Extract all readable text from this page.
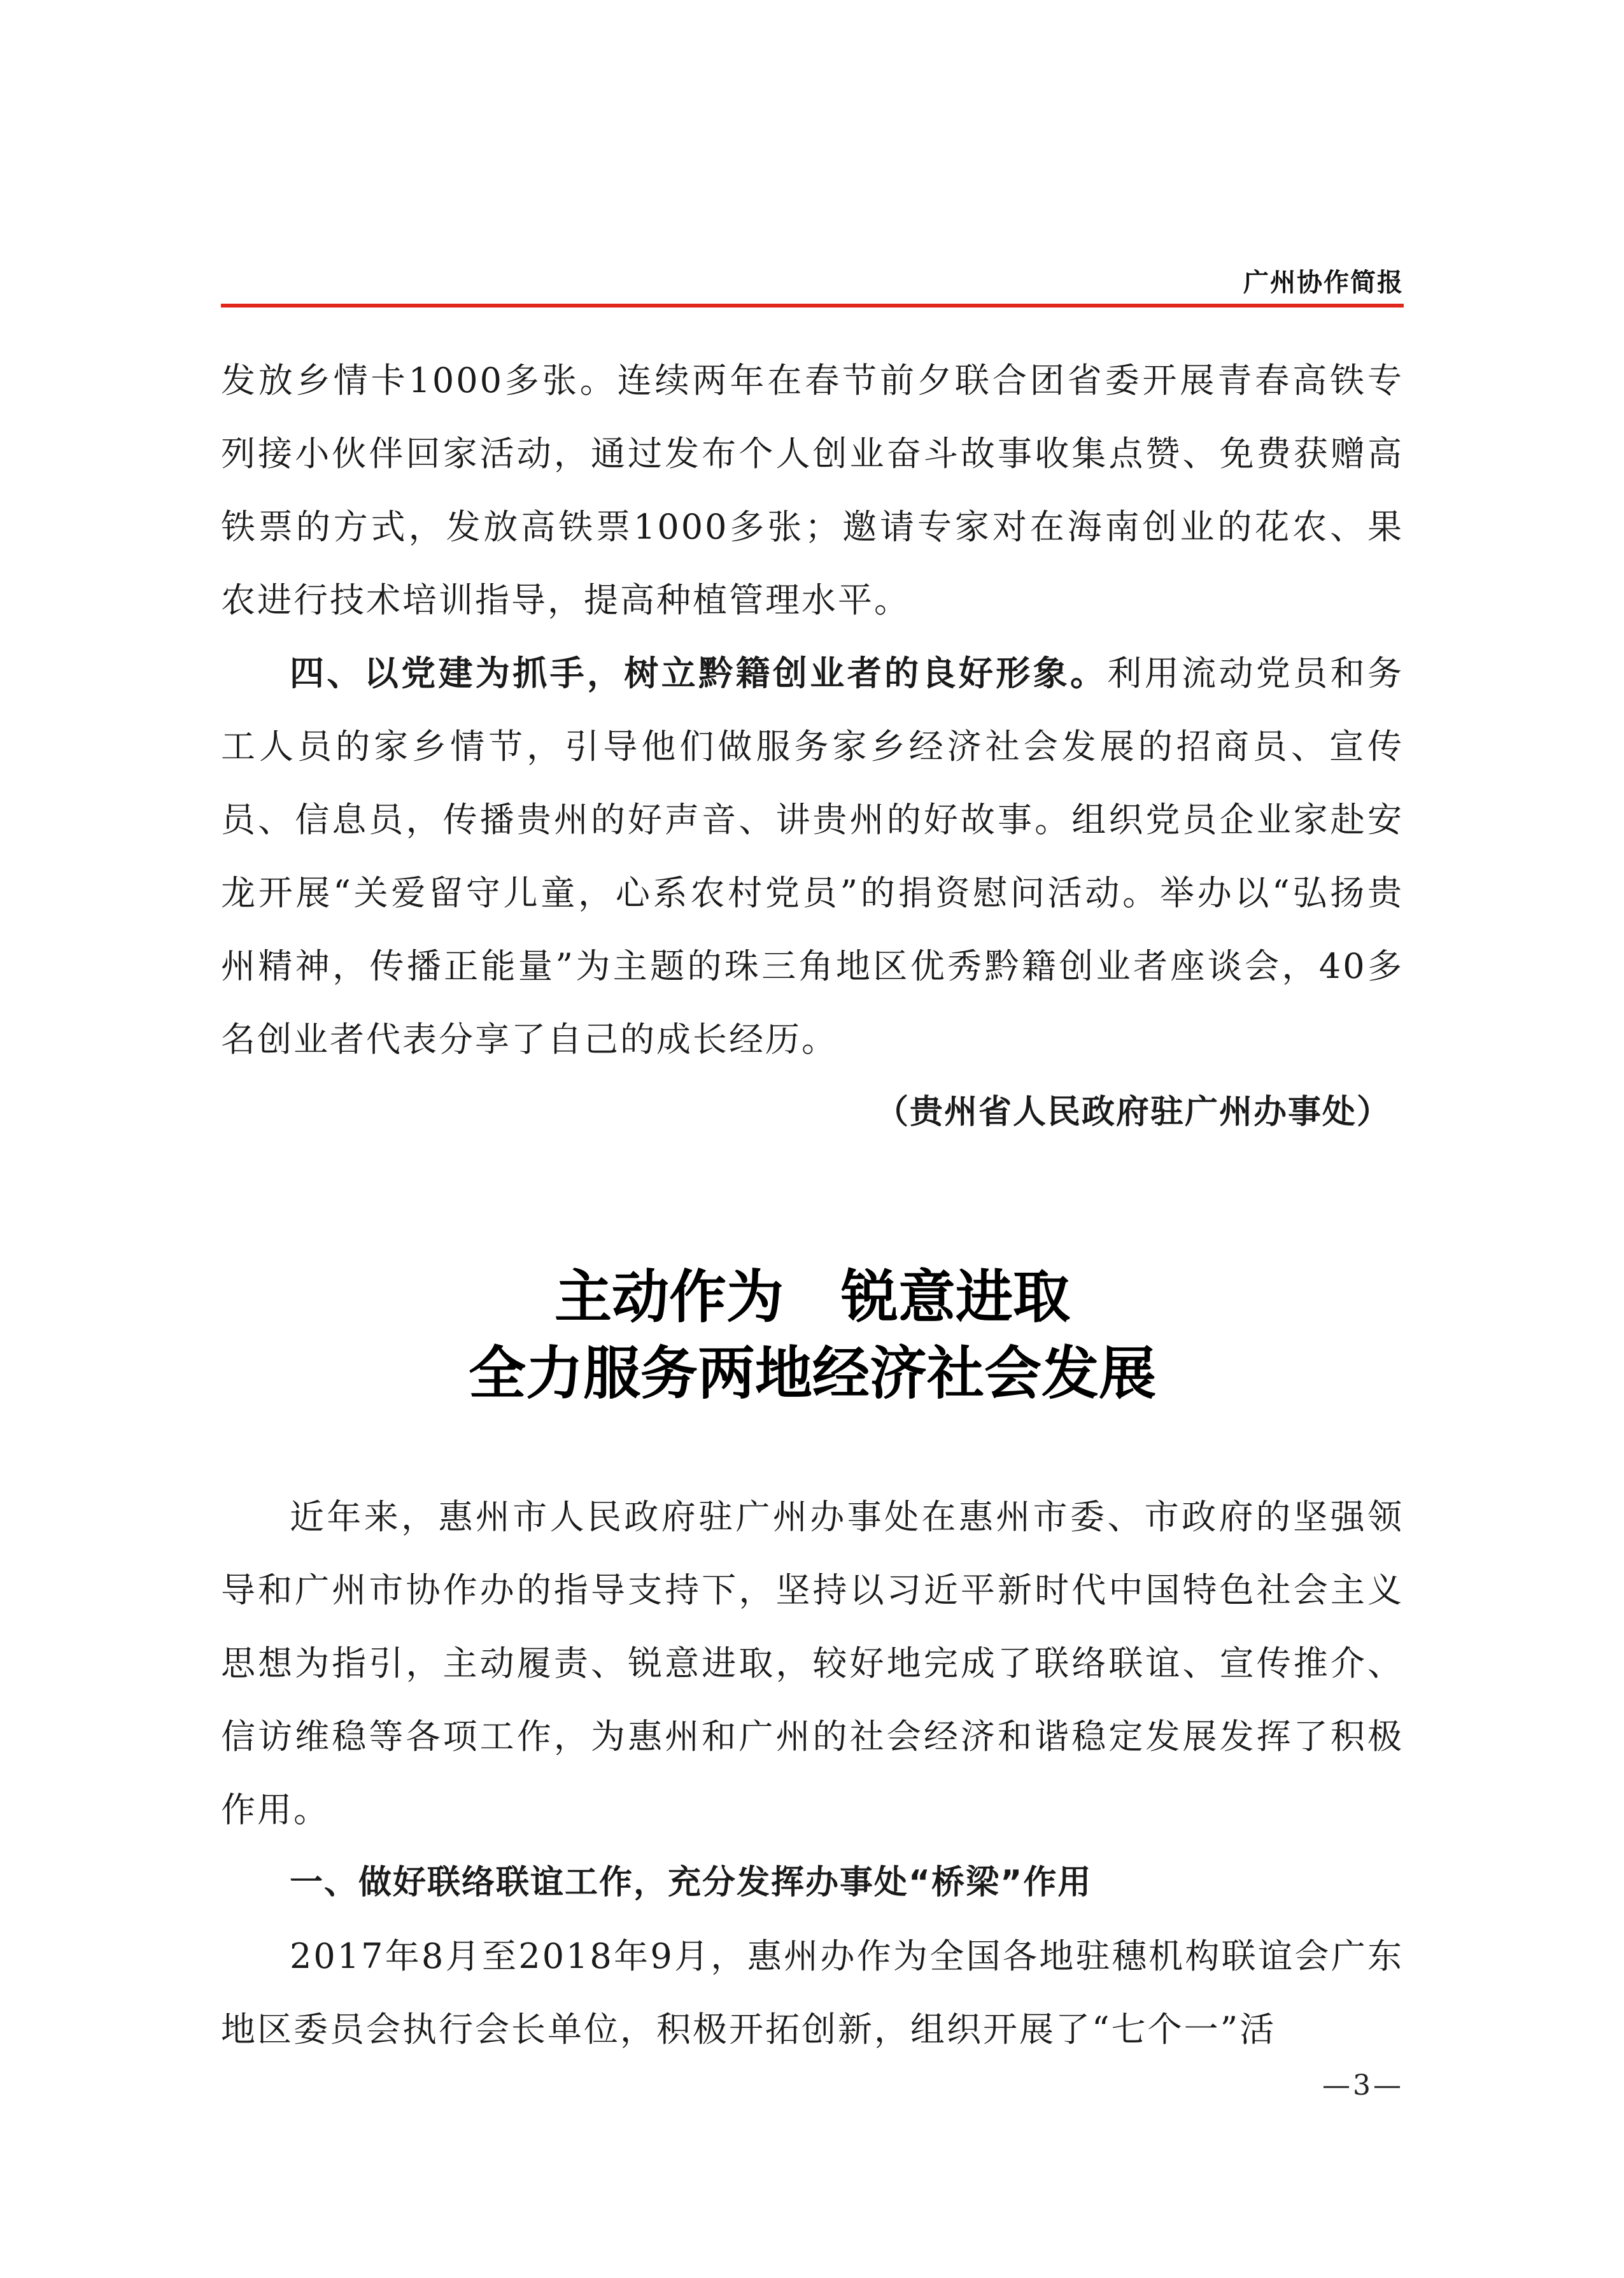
广州协作简报

发放乡情卡1000多张。连续两年在春节前夕联合团省委开展青春高铁专列接小伙伴回家活动，通过发布个人创业奋斗故事收集点赞、免费获赠高铁票的方式，发放高铁票1000多张；邀请专家对在海南创业的花农、果农进行技术培训指导，提高种植管理水平。

四、以党建为抓手，树立黔籍创业者的良好形象。利用流动党员和务工人员的家乡情节，引导他们做服务家乡经济社会发展的招商员、宣传员、信息员，传播贵州的好声音、讲贵州的好故事。组织党员企业家赴安龙开展“关爱留守儿童，心系农村党员”的捐资慰问活动。举办以“弘扬贵州精神，传播正能量”为主题的珠三角地区优秀黔籍创业者座谈会，40多名创业者代表分享了自己的成长经历。

（贵州省人民政府驻广州办事处）

主动作为　锐意进取
全力服务两地经济社会发展

近年来，惠州市人民政府驻广州办事处在惠州市委、市政府的坚强领导和广州市协作办的指导支持下，坚持以习近平新时代中国特色社会主义思想为指引，主动履责、锐意进取，较好地完成了联络联谊、宣传推介、信访维稳等各项工作，为惠州和广州的社会经济和谐稳定发展发挥了积极作用。

一、做好联络联谊工作，充分发挥办事处“桥梁”作用

2017年8月至2018年9月，惠州办作为全国各地驻穗机构联谊会广东地区委员会执行会长单位，积极开拓创新，组织开展了“七个一”活

—3—
